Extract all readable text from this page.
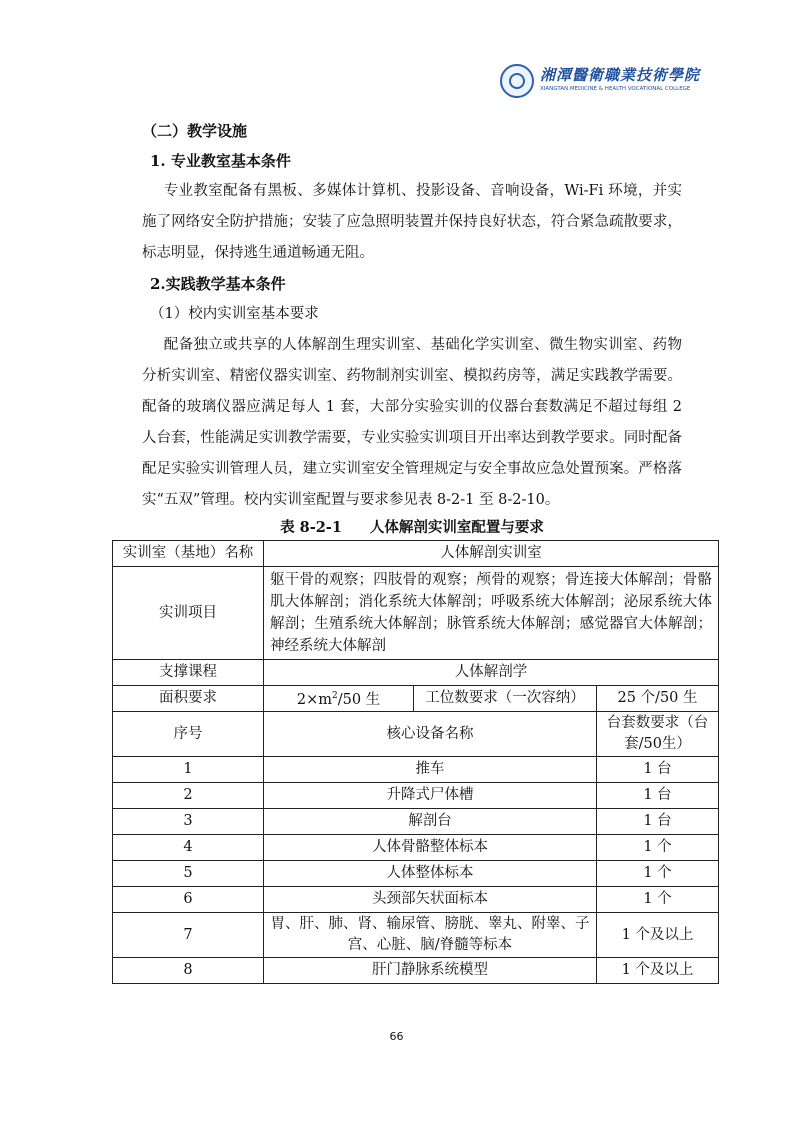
湘潭醫衛職業技術學院
XIANGTAN MEDICINE & HEALTH VOCATIONAL COLLEGE

（二）教学设施

1. 专业教室基本条件

专业教室配备有黑板、多媒体计算机、投影设备、音响设备，Wi-Fi 环境，并实施了网络安全防护措施；安装了应急照明装置并保持良好状态，符合紧急疏散要求，标志明显，保持逃生通道畅通无阻。

2.实践教学基本条件

（1）校内实训室基本要求

配备独立或共享的人体解剖生理实训室、基础化学实训室、微生物实训室、药物分析实训室、精密仪器实训室、药物制剂实训室、模拟药房等，满足实践教学需要。配备的玻璃仪器应满足每人 1 套，大部分实验实训的仪器台套数满足不超过每组 2 人台套，性能满足实训教学需要，专业实验实训项目开出率达到教学要求。同时配备配足实验实训管理人员，建立实训室安全管理规定与安全事故应急处置预案。严格落实“五双”管理。校内实训室配置与要求参见表 8-2-1 至 8-2-10。

表 8-2-1 人体解剖实训室配置与要求
实训室（基地）名称	人体解剖实训室		
实训项目	躯干骨的观察；四肢骨的观察；颅骨的观察；骨连接大体解剖；骨骼肌大体解剖；消化系统大体解剖；呼吸系统大体解剖；泌尿系统大体解剖；生殖系统大体解剖；脉管系统大体解剖；感觉器官大体解剖；神经系统大体解剖		
支撑课程	人体解剖学		
面积要求	$2\times m^2/50$ 生	工位数要求（一次容纳）	25 个/50 生
序号	核心设备名称		台套数要求（台套/50生）
1	推车		1 台
2	升降式尸体槽		1 台
3	解剖台		1 台
4	人体骨骼整体标本		1 个
5	人体整体标本		1 个
6	头颈部矢状面标本		1 个
7	胃、肝、肺、肾、输尿管、膀胱、睾丸、附睾、子宫、心脏、脑/脊髓等标本		1 个及以上
8	肝门静脉系统模型		1 个及以上
66
